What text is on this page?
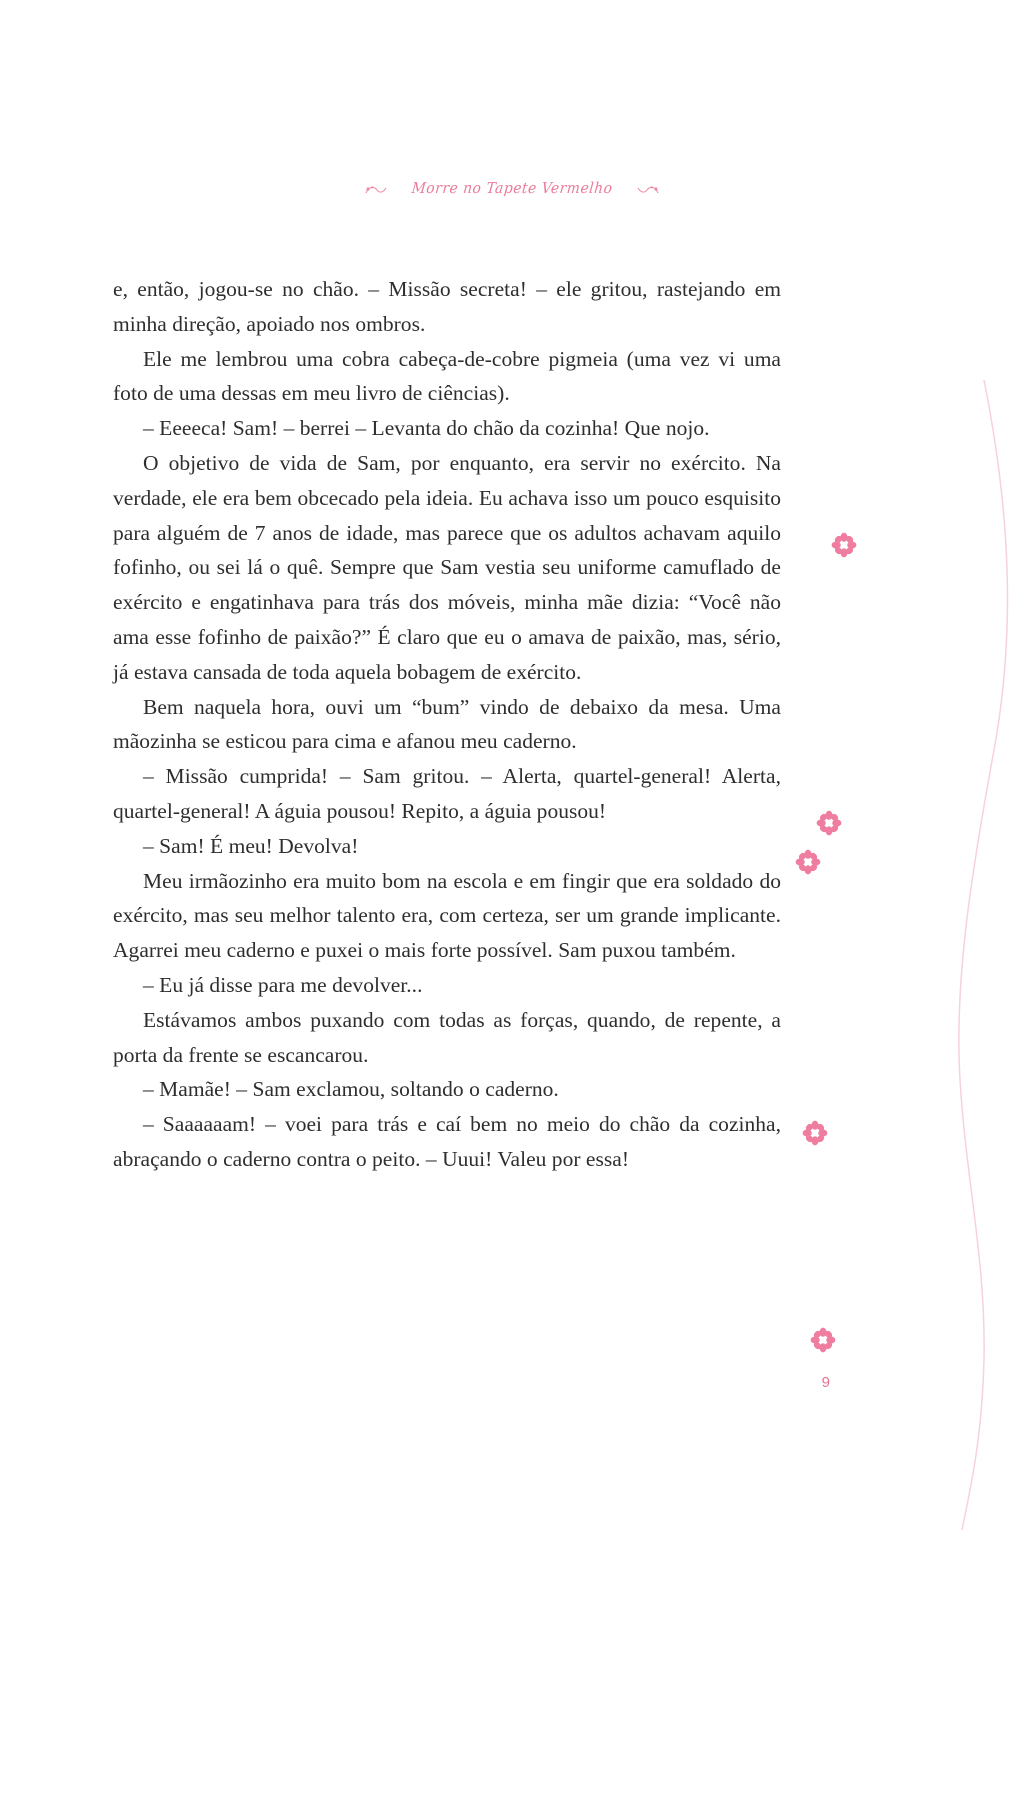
Morre no Tapete Vermelho

e, então, jogou-se no chão. – Missão secreta! – ele gritou, rastejando em minha direção, apoiado nos ombros.

Ele me lembrou uma cobra cabeça-de-cobre pigmeia (uma vez vi uma foto de uma dessas em meu livro de ciências).

– Eeeeca! Sam! – berrei – Levanta do chão da cozinha! Que nojo.

O objetivo de vida de Sam, por enquanto, era servir no exército. Na verdade, ele era bem obcecado pela ideia. Eu achava isso um pouco esquisito para alguém de 7 anos de idade, mas parece que os adultos achavam aquilo fofinho, ou sei lá o quê. Sempre que Sam vestia seu uniforme camuflado de exército e engatinhava para trás dos móveis, minha mãe dizia: “Você não ama esse fofinho de paixão?” É claro que eu o amava de paixão, mas, sério, já estava cansada de toda aquela bobagem de exército.

Bem naquela hora, ouvi um “bum” vindo de debaixo da mesa. Uma mãozinha se esticou para cima e afanou meu caderno.

– Missão cumprida! – Sam gritou. – Alerta, quartel-general! Alerta, quartel-general! A águia pousou! Repito, a águia pousou!

– Sam! É meu! Devolva!

Meu irmãozinho era muito bom na escola e em fingir que era soldado do exército, mas seu melhor talento era, com certeza, ser um grande implicante. Agarrei meu caderno e puxei o mais forte possível. Sam puxou também.

– Eu já disse para me devolver...

Estávamos ambos puxando com todas as forças, quando, de repente, a porta da frente se escancarou.

– Mamãe! – Sam exclamou, soltando o caderno.

– Saaaaaam! – voei para trás e caí bem no meio do chão da cozinha, abraçando o caderno contra o peito. – Uuui! Valeu por essa!

9
